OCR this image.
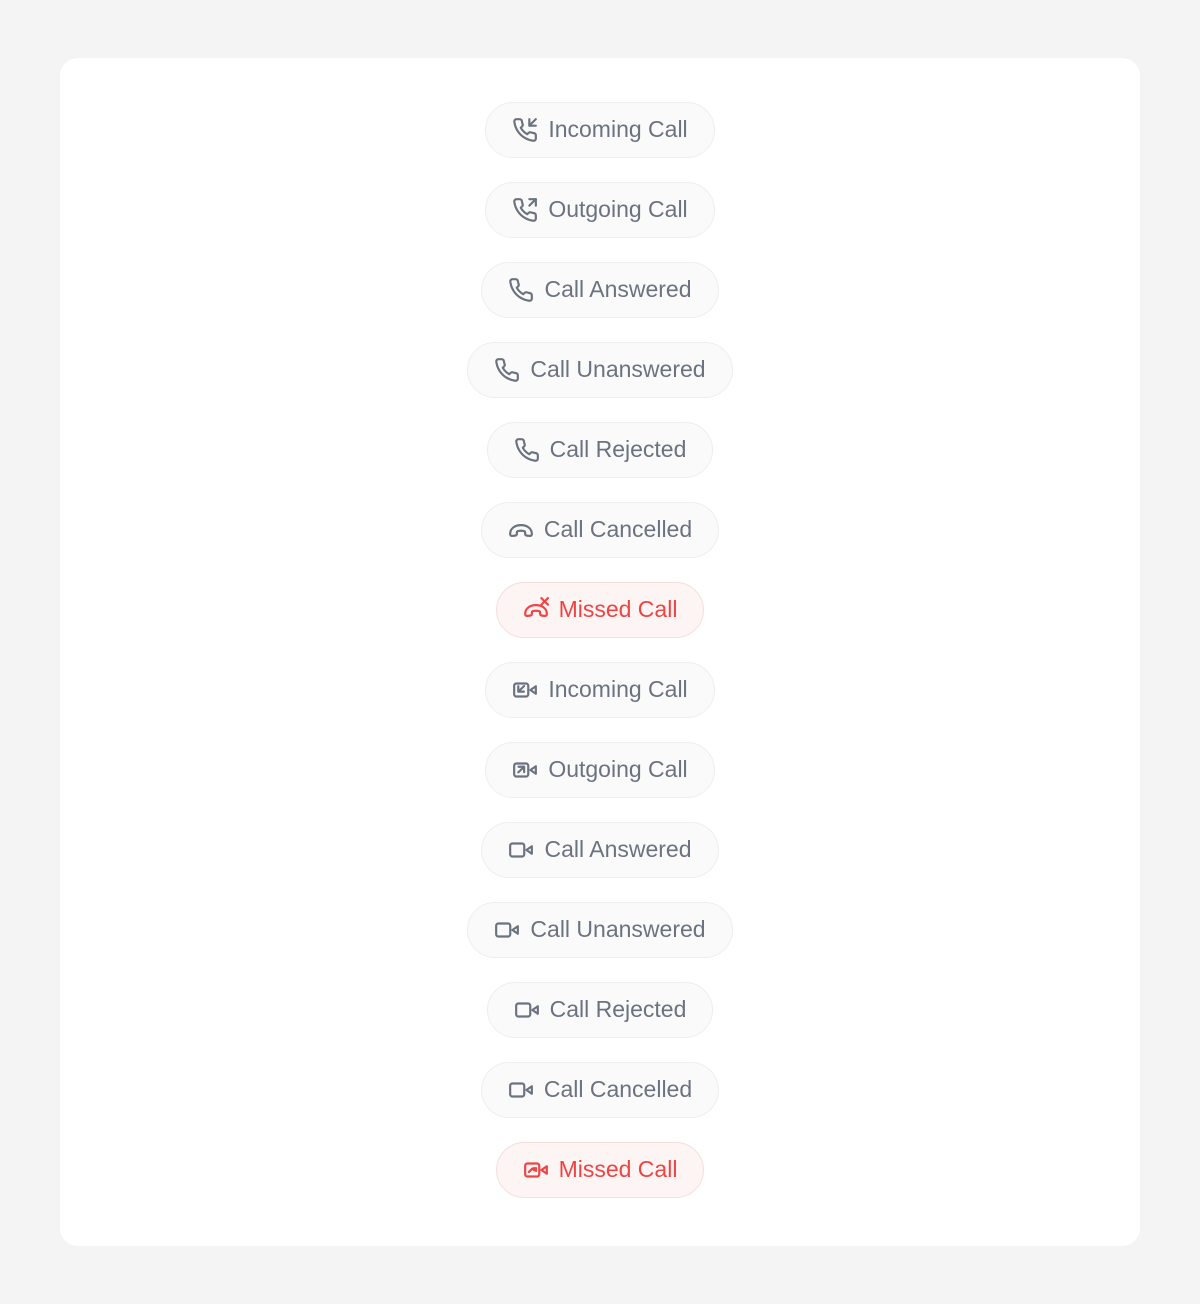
Incoming Call
Outgoing Call
Call Answered
Call Unanswered
Call Rejected
Call Cancelled
Missed Call
Incoming Call
Outgoing Call
Call Answered
Call Unanswered
Call Rejected
Call Cancelled
Missed Call
